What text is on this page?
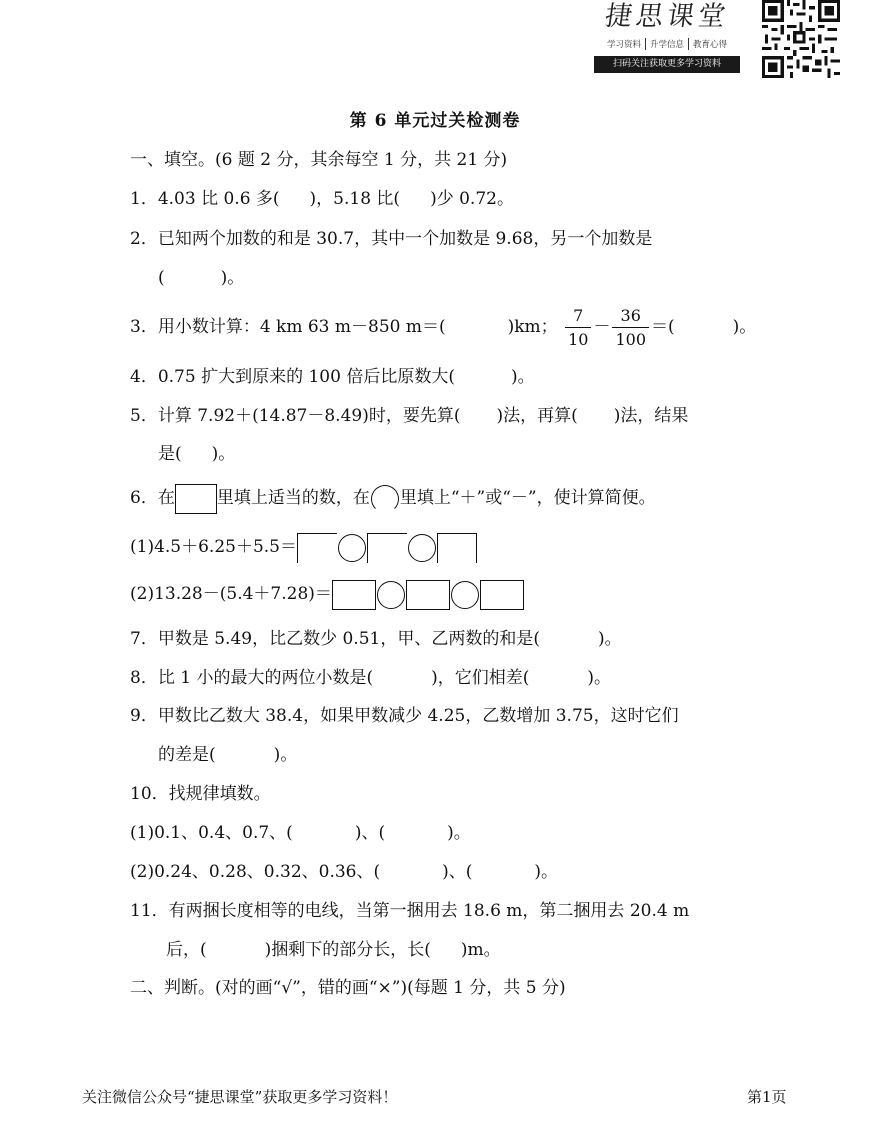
捷思课堂
学习资料 升学信息 教育心得
扫码关注获取更多学习资料
第 6 单元过关检测卷
一、填空。(6 题 2 分，其余每空 1 分，共 21 分)
1．4.03 比 0.6 多( )，5.18 比( )少 0.72。
2．已知两个加数的和是 30.7，其中一个加数是 9.68，另一个加数是
(	)。
3．用小数计算：4 km 63 m－850 m＝(	)km； $\frac{7}{10} - \frac{36}{100}$ ＝(	)。
4．0.75 扩大到原来的 100 倍后比原数大(	)。
5．计算 7.92＋(14.87－8.49)时，要先算( )法，再算( )法，结果
是( )。
6．在 里填上适当的数，在 里填上“＋”或“－”，使计算简便。
(1)4.5＋6.25＋5.5＝
(2)13.28－(5.4＋7.28)＝
7．甲数是 5.49，比乙数少 0.51，甲、乙两数的和是(	)。
8．比 1 小的最大的两位小数是(	)，它们相差(	)。
9．甲数比乙数大 38.4，如果甲数减少 4.25，乙数增加 3.75，这时它们
的差是(	)。
10．找规律填数。
(1)0.1、0.4、0.7、(	)、(	)。
(2)0.24、0.28、0.32、0.36、(	)、(	)。
11．有两捆长度相等的电线，当第一捆用去 18.6 m，第二捆用去 20.4 m
后，(	)捆剩下的部分长，长( )m。
二、判断。(对的画“√”，错的画“×”)(每题 1 分，共 5 分)
关注微信公众号“捷思课堂”获取更多学习资料！	第1页
